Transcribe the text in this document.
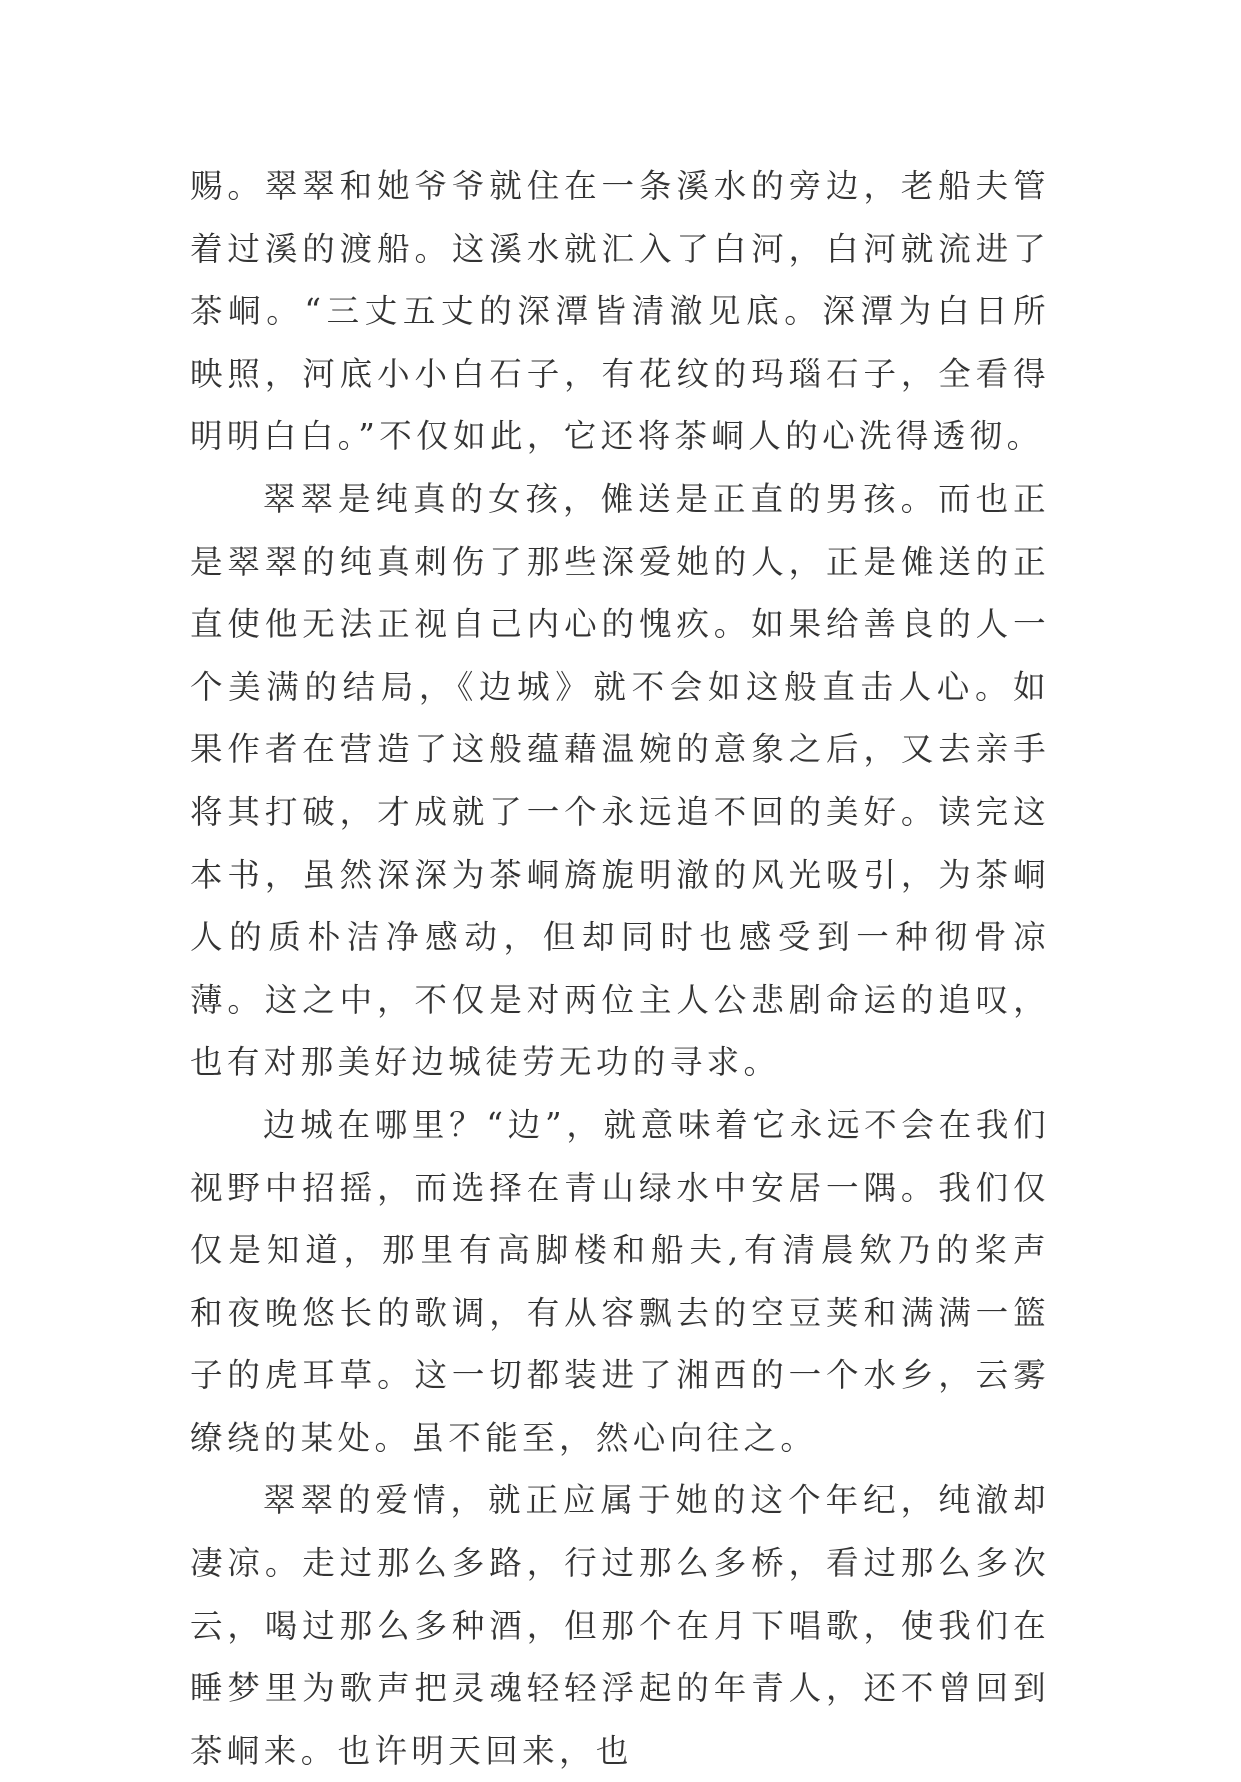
赐。翠翠和她爷爷就住在一条溪水的旁边，老船夫管着过溪的渡船。这溪水就汇入了白河，白河就流进了茶峒。“三丈五丈的深潭皆清澈见底。深潭为白日所映照，河底小小白石子，有花纹的玛瑙石子，全看得明明白白。”不仅如此，它还将茶峒人的心洗得透彻。

翠翠是纯真的女孩，傩送是正直的男孩。而也正是翠翠的纯真刺伤了那些深爱她的人，正是傩送的正直使他无法正视自己内心的愧疚。如果给善良的人一个美满的结局，《边城》就不会如这般直击人心。如果作者在营造了这般蕴藉温婉的意象之后，又去亲手将其打破，才成就了一个永远追不回的美好。读完这本书，虽然深深为茶峒旖旎明澈的风光吸引，为茶峒人的质朴洁净感动，但却同时也感受到一种彻骨凉薄。这之中，不仅是对两位主人公悲剧命运的追叹，也有对那美好边城徒劳无功的寻求。

边城在哪里？“边”，就意味着它永远不会在我们视野中招摇，而选择在青山绿水中安居一隅。我们仅仅是知道，那里有高脚楼和船夫,有清晨欸乃的桨声和夜晚悠长的歌调，有从容飘去的空豆荚和满满一篮子的虎耳草。这一切都装进了湘西的一个水乡，云雾缭绕的某处。虽不能至，然心向往之。

翠翠的爱情，就正应属于她的这个年纪，纯澈却凄凉。走过那么多路，行过那么多桥，看过那么多次云，喝过那么多种酒，但那个在月下唱歌，使我们在睡梦里为歌声把灵魂轻轻浮起的年青人，还不曾回到茶峒来。也许明天回来，也
